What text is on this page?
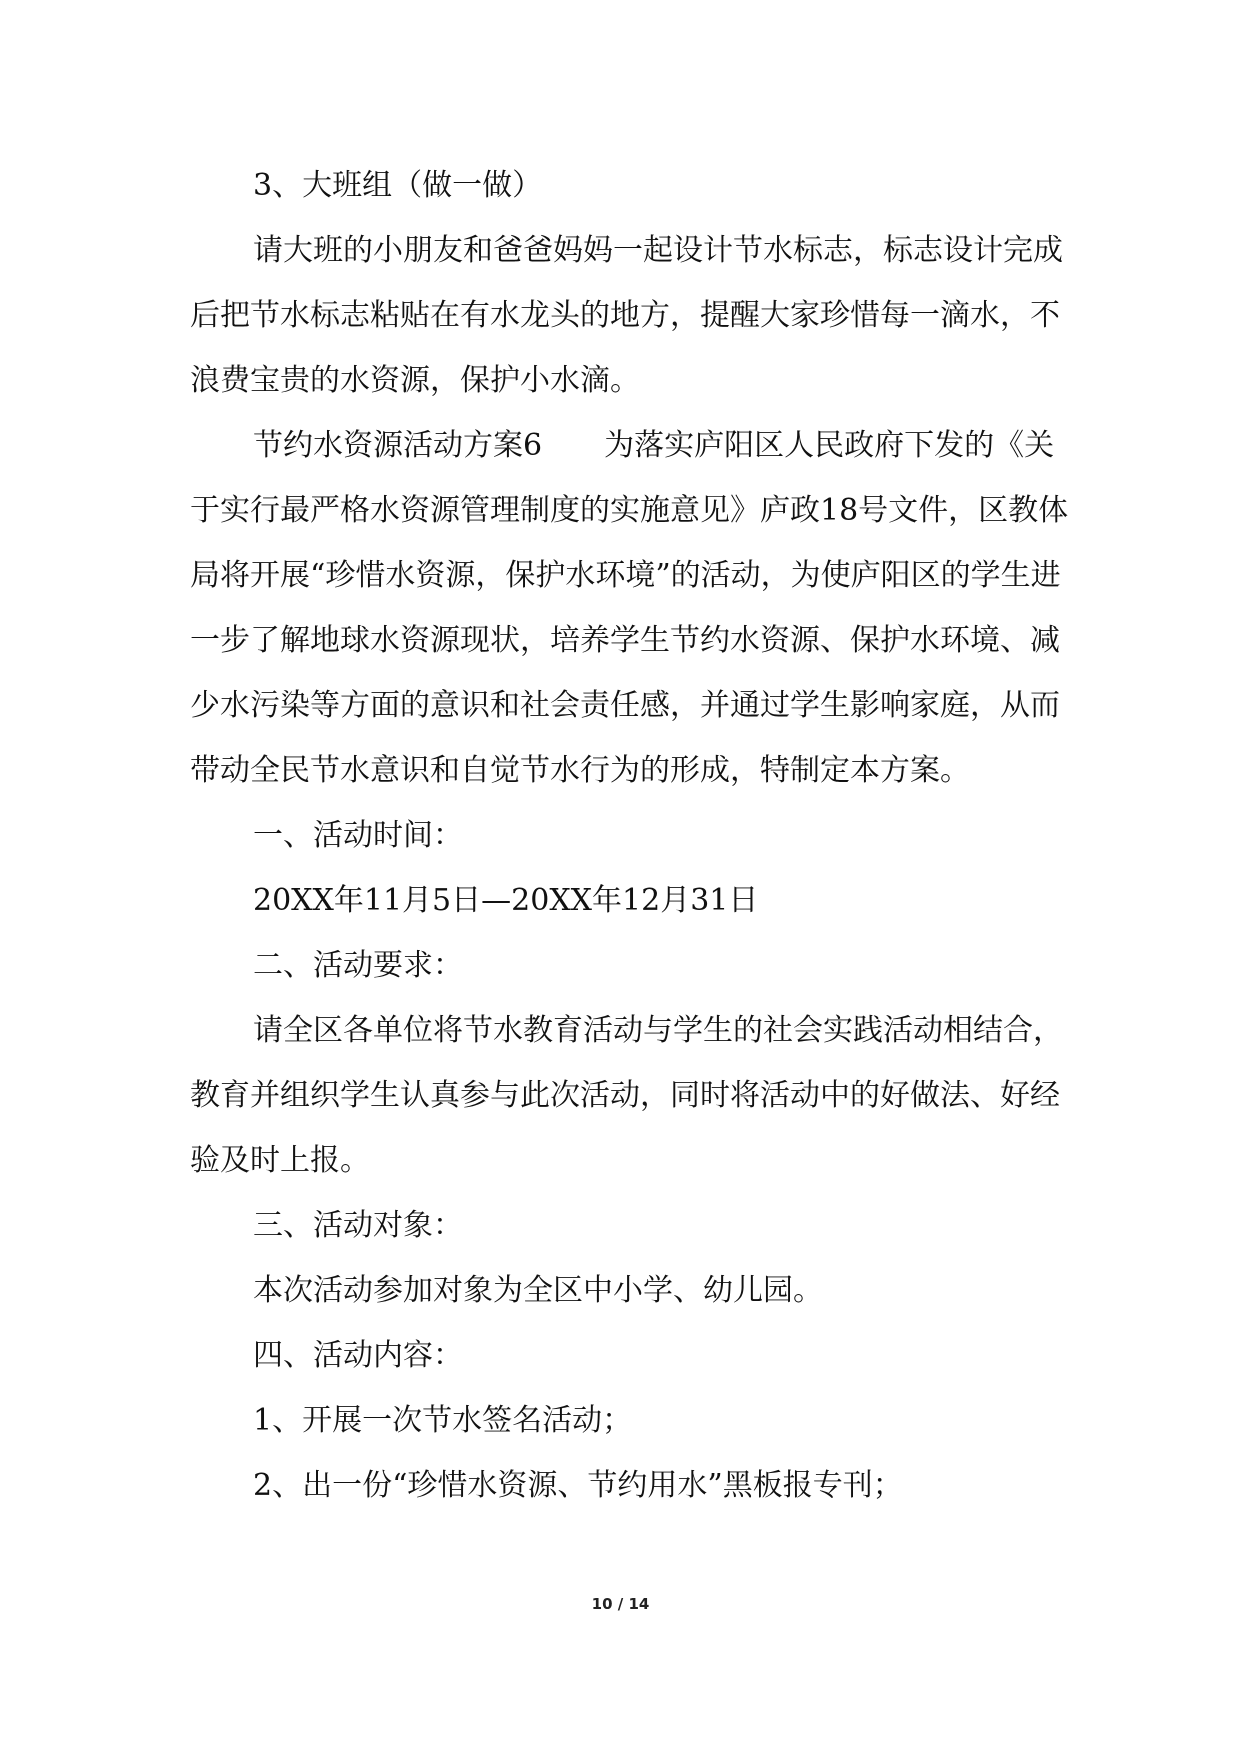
3、大班组（做一做）

请大班的小朋友和爸爸妈妈一起设计节水标志，标志设计完成后把节水标志粘贴在有水龙头的地方，提醒大家珍惜每一滴水，不浪费宝贵的水资源，保护小水滴。

节约水资源活动方案6 为落实庐阳区人民政府下发的《关于实行最严格水资源管理制度的实施意见》庐政18号文件，区教体局将开展“珍惜水资源，保护水环境”的活动，为使庐阳区的学生进一步了解地球水资源现状，培养学生节约水资源、保护水环境、减少水污染等方面的意识和社会责任感，并通过学生影响家庭，从而带动全民节水意识和自觉节水行为的形成，特制定本方案。

一、活动时间：

20XX年11月5日—20XX年12月31日

二、活动要求：

请全区各单位将节水教育活动与学生的社会实践活动相结合，教育并组织学生认真参与此次活动，同时将活动中的好做法、好经验及时上报。

三、活动对象：

本次活动参加对象为全区中小学、幼儿园。

四、活动内容：

1、开展一次节水签名活动；

2、出一份“珍惜水资源、节约用水”黑板报专刊；

10 / 14
